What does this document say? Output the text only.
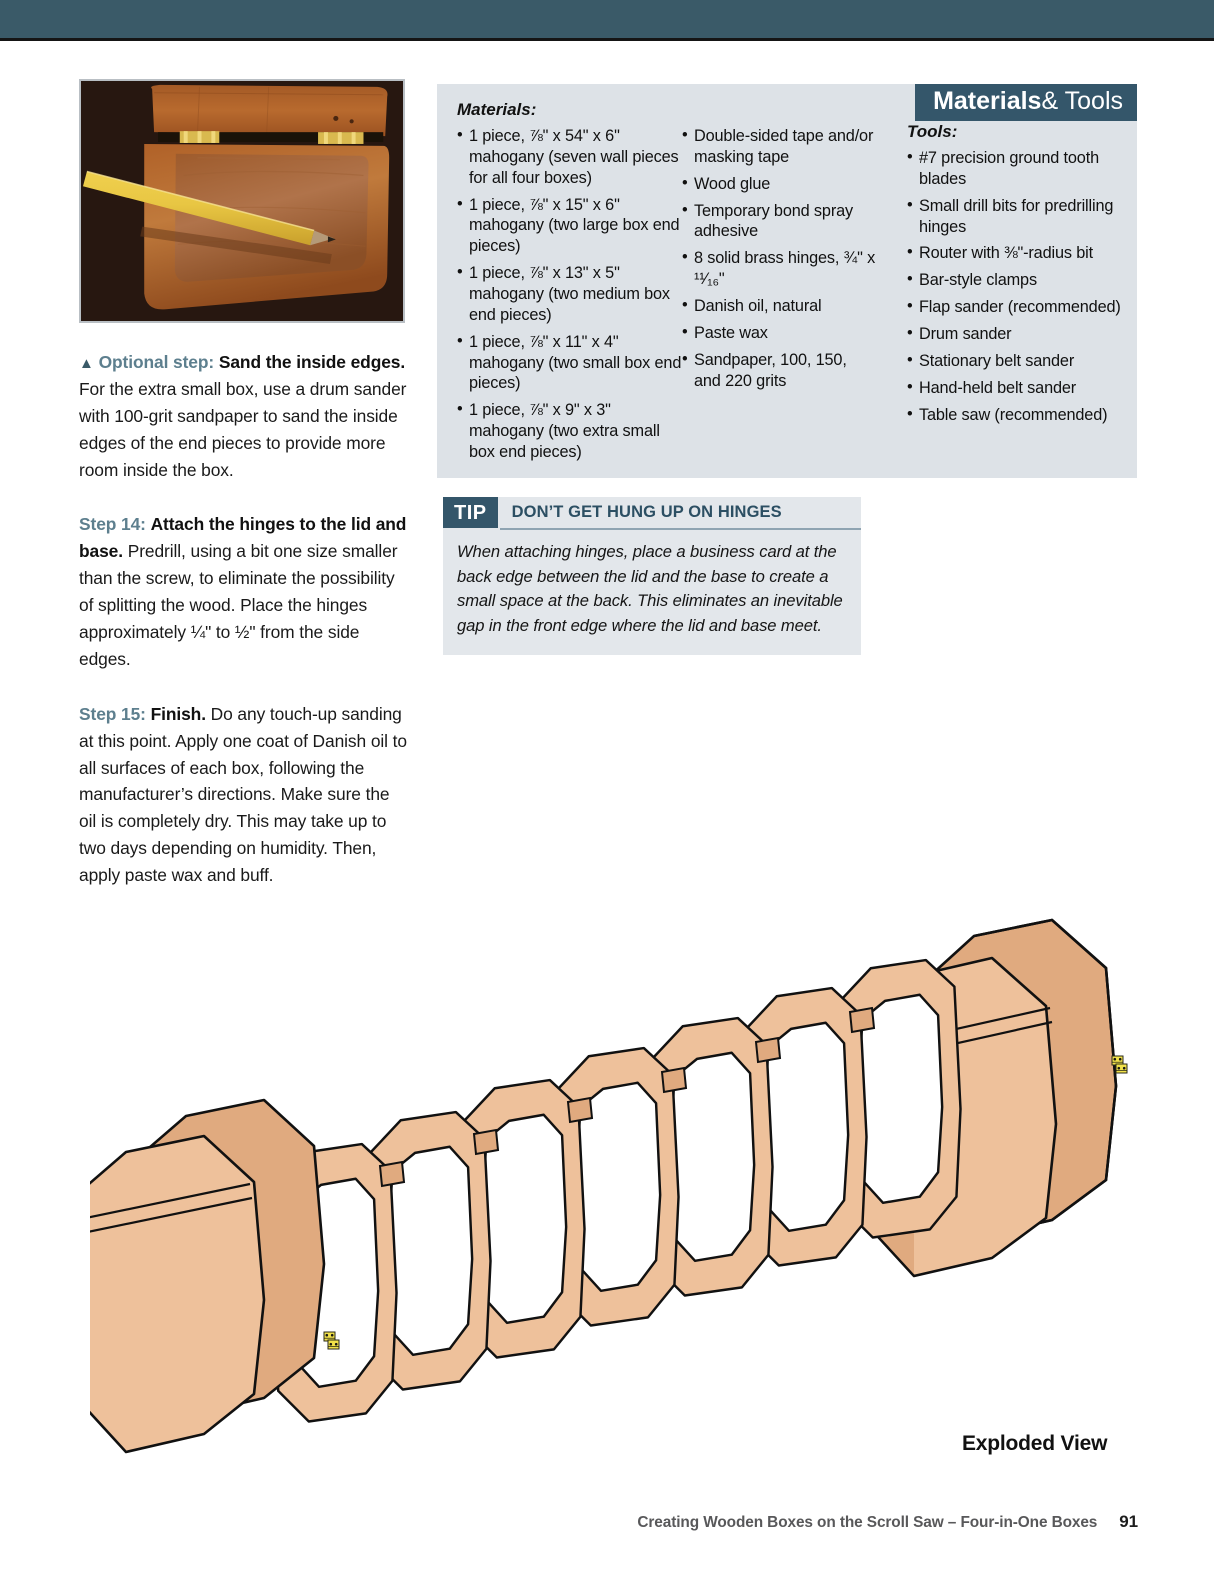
▲ Optional step: Sand the inside edges. For the extra small box, use a drum sander with 100-grit sandpaper to sand the inside edges of the end pieces to provide more room inside the box.
Step 14: Attach the hinges to the lid and base. Predrill, using a bit one size smaller than the screw, to eliminate the possibility of splitting the wood. Place the hinges approximately ¼" to ½" from the side edges.
Step 15: Finish. Do any touch-up sanding at this point. Apply one coat of Danish oil to all surfaces of each box, following the manufacturer’s directions. Make sure the oil is completely dry. This may take up to two days depending on humidity. Then, apply paste wax and buff.
Materials& Tools
Materials:
• 1 piece, ⅞" x 54" x 6" mahogany (seven wall pieces for all four boxes)
• 1 piece, ⅞" x 15" x 6" mahogany (two large box end pieces)
• 1 piece, ⅞" x 13" x 5" mahogany (two medium box end pieces)
• 1 piece, ⅞" x 11" x 4" mahogany (two small box end pieces)
• 1 piece, ⅞" x 9" x 3" mahogany (two extra small box end pieces)
• Double-sided tape and/or masking tape
• Wood glue
• Temporary bond spray adhesive
• 8 solid brass hinges, ¾" x ¹¹⁄₁₆"
• Danish oil, natural
• Paste wax
• Sandpaper, 100, 150, and 220 grits
Tools:
• #7 precision ground tooth blades
• Small drill bits for predrilling hinges
• Router with ⅜"-radius bit
• Bar-style clamps
• Flap sander (recommended)
• Drum sander
• Stationary belt sander
• Hand-held belt sander
• Table saw (recommended)
TIP	DON’T GET HUNG UP ON HINGES
When attaching hinges, place a business card at the back edge between the lid and the base to create a small space at the back. This eliminates an inevitable gap in the front edge where the lid and base meet.
Exploded View
Creating Wooden Boxes on the Scroll Saw – Four-in-One Boxes 91
